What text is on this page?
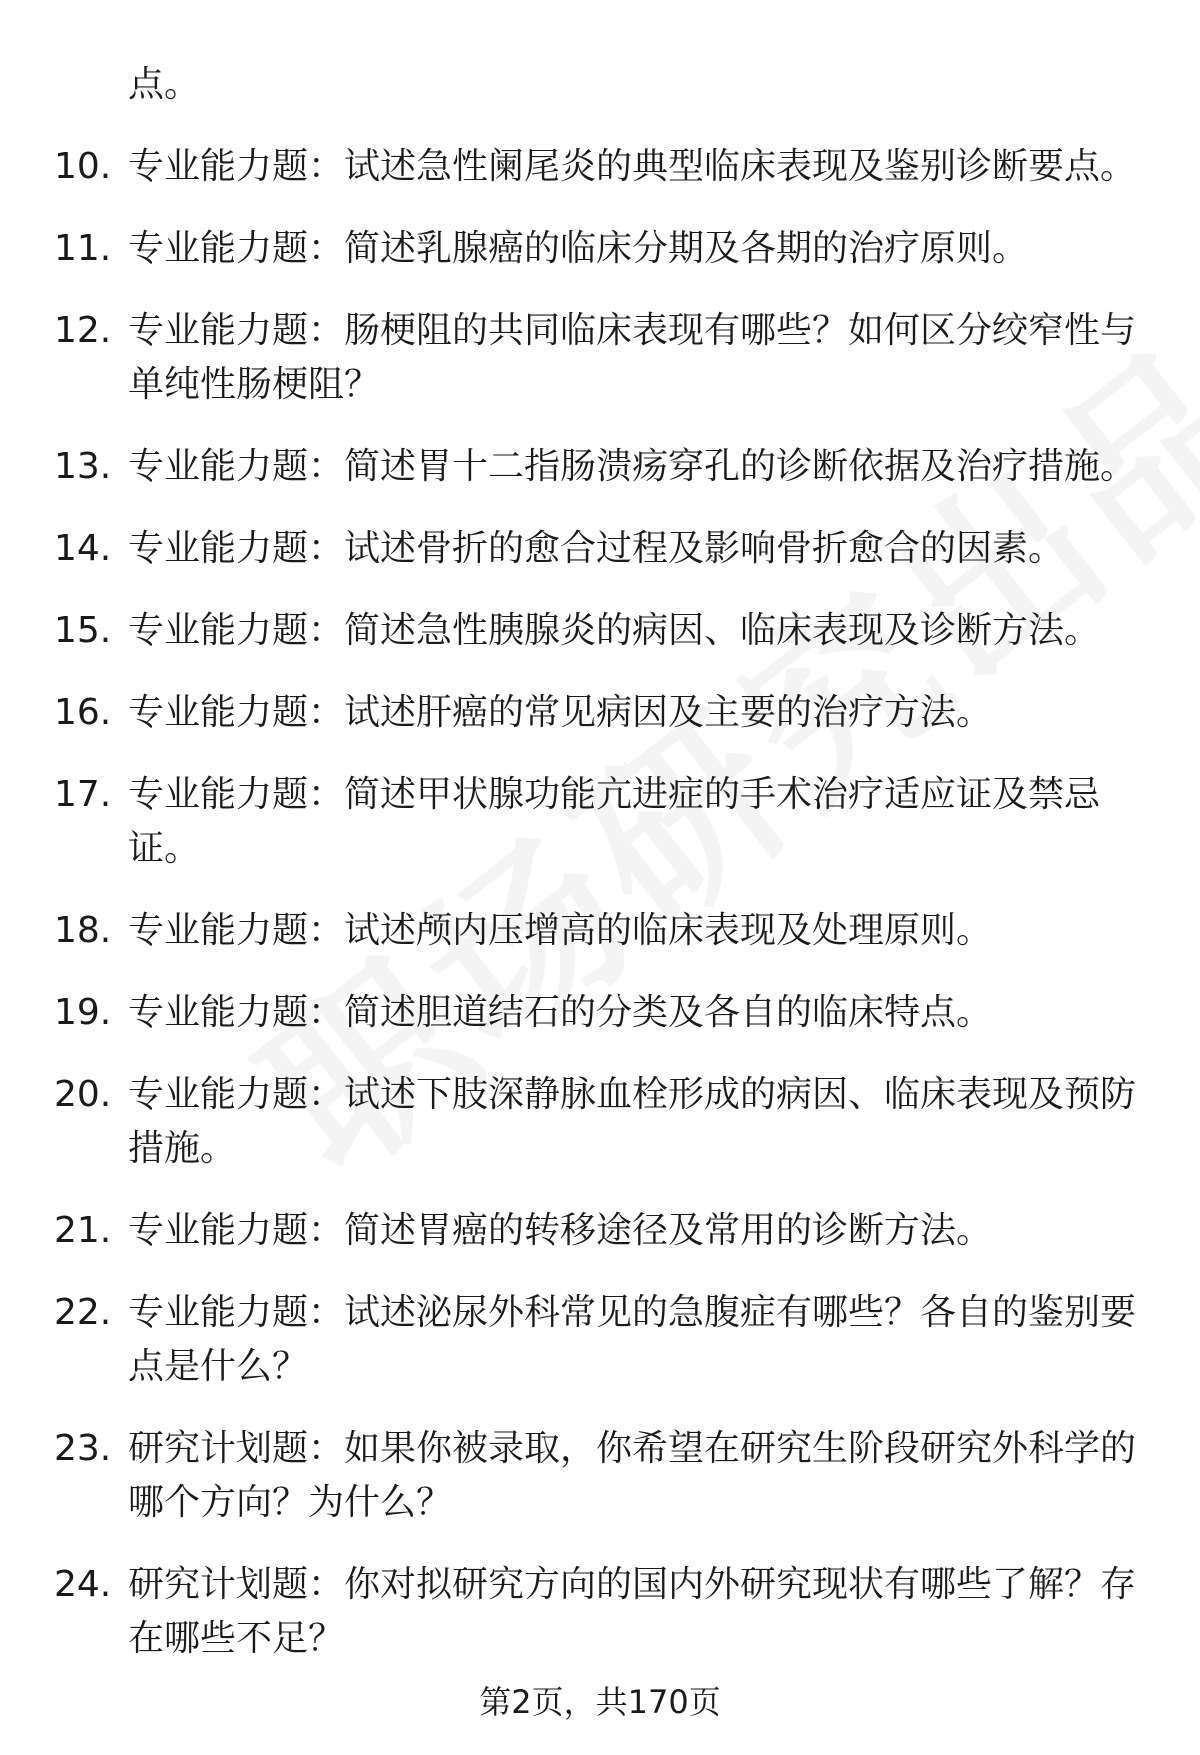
点。
10. 专业能力题：试述急性阑尾炎的典型临床表现及鉴别诊断要点。
11. 专业能力题：简述乳腺癌的临床分期及各期的治疗原则。
12. 专业能力题：肠梗阻的共同临床表现有哪些？如何区分绞窄性与单纯性肠梗阻？
13. 专业能力题：简述胃十二指肠溃疡穿孔的诊断依据及治疗措施。
14. 专业能力题：试述骨折的愈合过程及影响骨折愈合的因素。
15. 专业能力题：简述急性胰腺炎的病因、临床表现及诊断方法。
16. 专业能力题：试述肝癌的常见病因及主要的治疗方法。
17. 专业能力题：简述甲状腺功能亢进症的手术治疗适应证及禁忌证。
18. 专业能力题：试述颅内压增高的临床表现及处理原则。
19. 专业能力题：简述胆道结石的分类及各自的临床特点。
20. 专业能力题：试述下肢深静脉血栓形成的病因、临床表现及预防措施。
21. 专业能力题：简述胃癌的转移途径及常用的诊断方法。
22. 专业能力题：试述泌尿外科常见的急腹症有哪些？各自的鉴别要点是什么？
23. 研究计划题：如果你被录取，你希望在研究生阶段研究外科学的哪个方向？为什么？
24. 研究计划题：你对拟研究方向的国内外研究现状有哪些了解？存在哪些不足？
第2页，共170页
